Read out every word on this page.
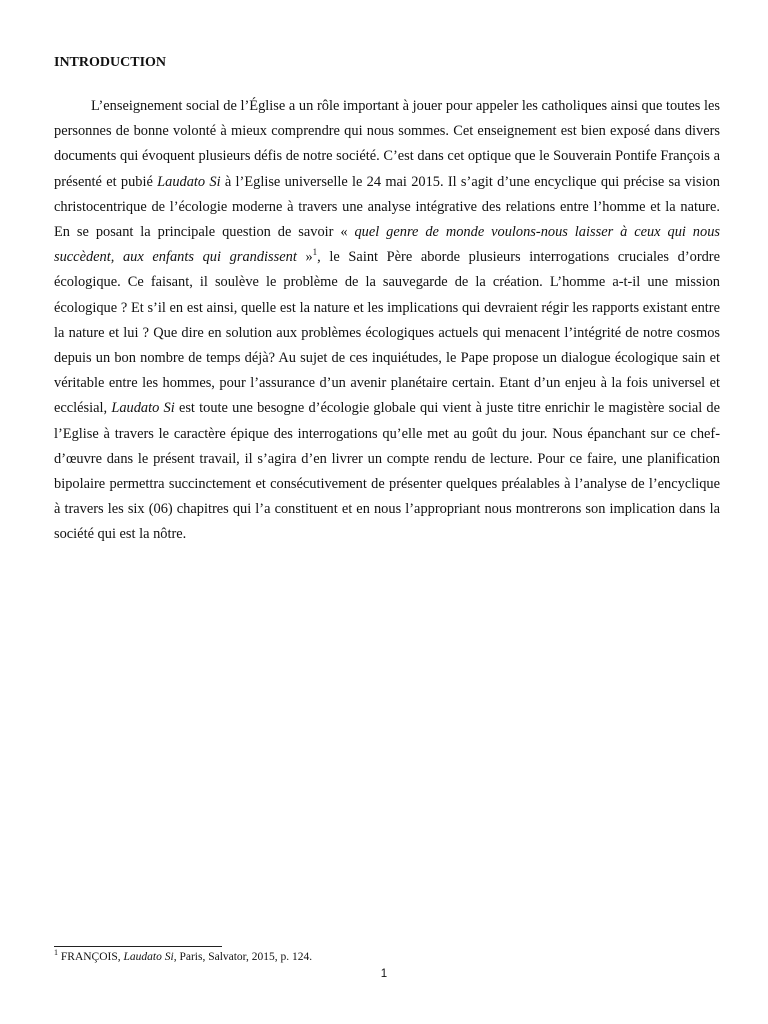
INTRODUCTION

L’enseignement social de l’Église a un rôle important à jouer pour appeler les catholiques ainsi que toutes les personnes de bonne volonté à mieux comprendre qui nous sommes. Cet enseignement est bien exposé dans divers documents qui évoquent plusieurs défis de notre société. C’est dans cet optique que le Souverain Pontife François a présenté et pubié Laudato Si à l’Eglise universelle le 24 mai 2015. Il s’agit d’une encyclique qui précise sa vision christocentrique de l’écologie moderne à travers une analyse intégrative des relations entre l’homme et la nature. En se posant la principale question de savoir « quel genre de monde voulons-nous laisser à ceux qui nous succèdent, aux enfants qui grandissent »$^1$, le Saint Père aborde plusieurs interrogations cruciales d’ordre écologique. Ce faisant, il soulève le problème de la sauvegarde de la création. L’homme a-t-il une mission écologique ? Et s’il en est ainsi, quelle est la nature et les implications qui devraient régir les rapports existant entre la nature et lui ? Que dire en solution aux problèmes écologiques actuels qui menacent l’intégrité de notre cosmos depuis un bon nombre de temps déjà? Au sujet de ces inquiétudes, le Pape propose un dialogue écologique sain et véritable entre les hommes, pour l’assurance d’un avenir planétaire certain. Etant d’un enjeu à la fois universel et ecclésial, Laudato Si est toute une besogne d’écologie globale qui vient à juste titre enrichir le magistère social de l’Eglise à travers le caractère épique des interrogations qu’elle met au goût du jour. Nous épanchant sur ce chef-d’œuvre dans le présent travail, il s’agira d’en livrer un compte rendu de lecture. Pour ce faire, une planification bipolaire permettra succinctement et consécutivement de présenter quelques préalables à l’analyse de l’encyclique à travers les six (06) chapitres qui l’a constituent et en nous l’appropriant nous montrerons son implication dans la société qui est la nôtre.

$^1$ FRANÇOIS, Laudato Si, Paris, Salvator, 2015, p. 124.
1
